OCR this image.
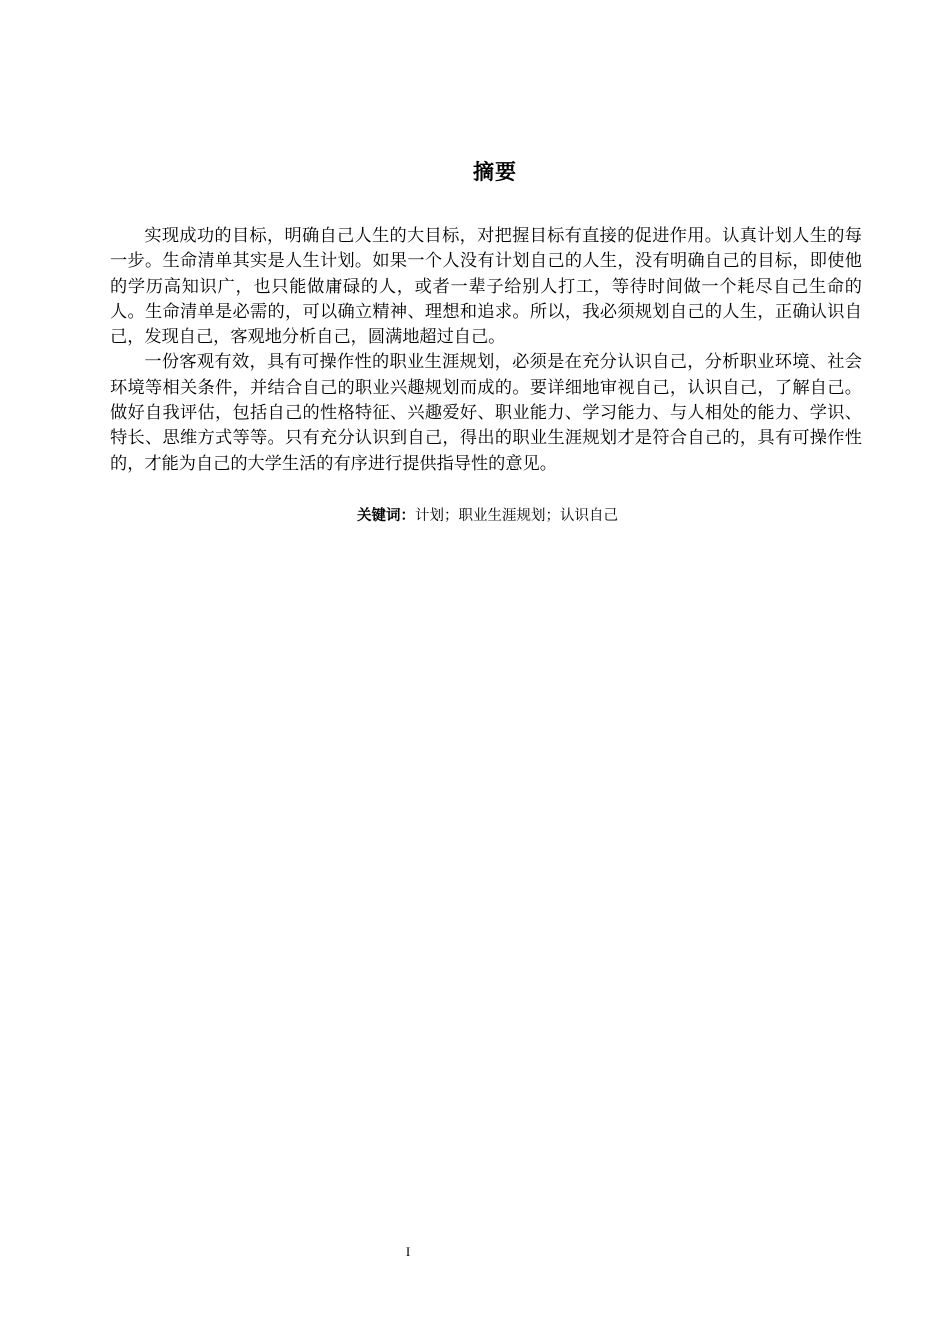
摘要

实现成功的目标，明确自己人生的大目标，对把握目标有直接的促进作用。认真计划人生的每一步。生命清单其实是人生计划。如果一个人没有计划自己的人生，没有明确自己的目标，即使他的学历高知识广，也只能做庸碌的人，或者一辈子给别人打工，等待时间做一个耗尽自己生命的人。生命清单是必需的，可以确立精神、理想和追求。所以，我必须规划自己的人生，正确认识自己，发现自己，客观地分析自己，圆满地超过自己。

一份客观有效，具有可操作性的职业生涯规划，必须是在充分认识自己，分析职业环境、社会环境等相关条件，并结合自己的职业兴趣规划而成的。要详细地审视自己，认识自己，了解自己。做好自我评估，包括自己的性格特征、兴趣爱好、职业能力、学习能力、与人相处的能力、学识、特长、思维方式等等。只有充分认识到自己，得出的职业生涯规划才是符合自己的，具有可操作性的，才能为自己的大学生活的有序进行提供指导性的意见。

关键词：计划；职业生涯规划；认识自己
I
